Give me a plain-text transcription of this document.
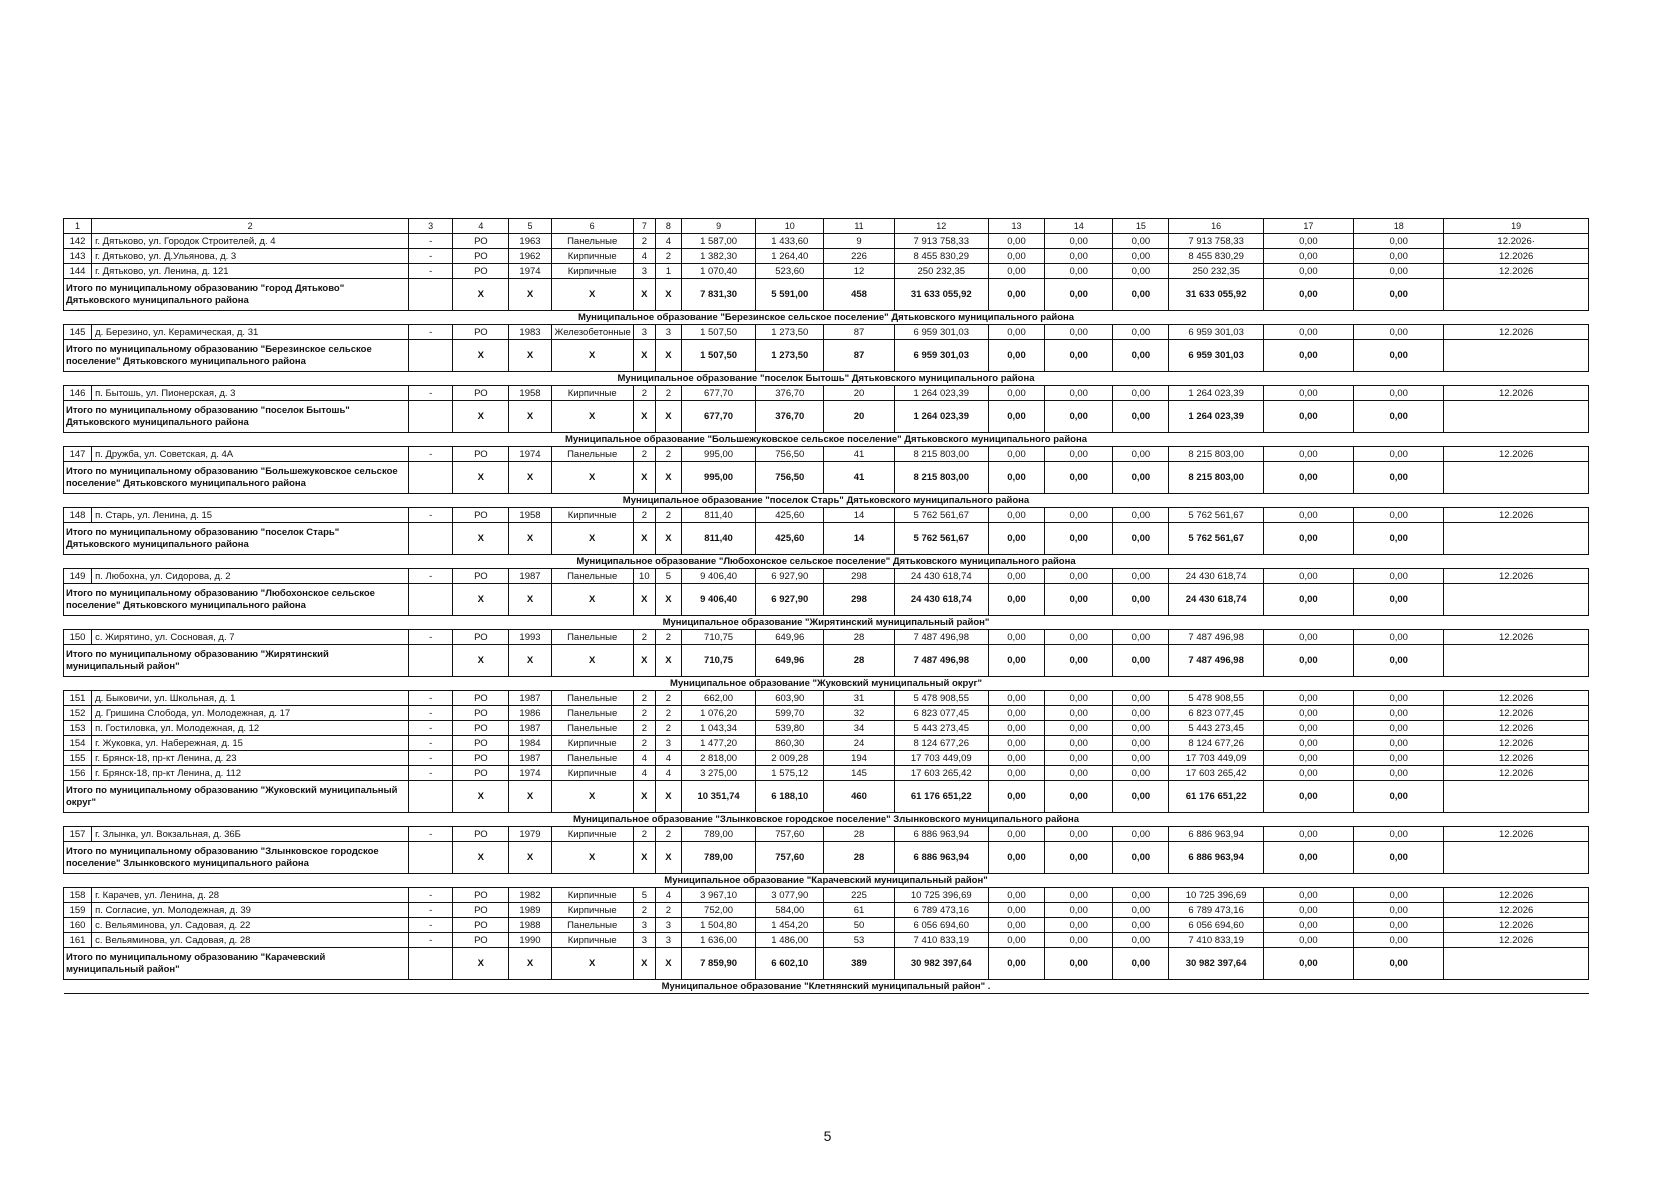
1	2	3	4	5	6	7	8	9	10	11	12	13	14	15	16	17	18	19
142	г. Дятьково, ул. Городок Строителей, д. 4	-	РО	1963	Панельные	2	4	1 587,00	1 433,60	9	7 913 758,33	0,00	0,00	0,00	7 913 758,33	0,00	0,00	12.2026·
143	г. Дятьково, ул. Д.Ульянова, д. 3	-	РО	1962	Кирпичные	4	2	1 382,30	1 264,40	226	8 455 830,29	0,00	0,00	0,00	8 455 830,29	0,00	0,00	12.2026
144	г. Дятьково, ул. Ленина, д. 121	-	РО	1974	Кирпичные	3	1	1 070,40	523,60	12	250 232,35	0,00	0,00	0,00	250 232,35	0,00	0,00	12.2026
Итого по муниципальному образованию "город Дятьково" Дятьковского муниципального района			X	X	X	X	X	7 831,30	5 591,00	458	31 633 055,92	0,00	0,00	0,00	31 633 055,92	0,00	0,00	
Муниципальное образование "Березинское сельское поселение" Дятьковского муниципального района																		
145	д. Березино, ул. Керамическая, д. 31	-	РО	1983	Железобетонные	3	3	1 507,50	1 273,50	87	6 959 301,03	0,00	0,00	0,00	6 959 301,03	0,00	0,00	12.2026
Итого по муниципальному образованию "Березинское сельское поселение" Дятьковского муниципального района			X	X	X	X	X	1 507,50	1 273,50	87	6 959 301,03	0,00	0,00	0,00	6 959 301,03	0,00	0,00	
Муниципальное образование "поселок Бытошь" Дятьковского муниципального района																		
146	п. Бытошь, ул. Пионерская, д. 3	-	РО	1958	Кирпичные	2	2	677,70	376,70	20	1 264 023,39	0,00	0,00	0,00	1 264 023,39	0,00	0,00	12.2026
Итого по муниципальному образованию "поселок Бытошь" Дятьковского муниципального района			X	X	X	X	X	677,70	376,70	20	1 264 023,39	0,00	0,00	0,00	1 264 023,39	0,00	0,00	
Муниципальное образование "Большежуковское сельское поселение" Дятьковского муниципального района																		
147	п. Дружба, ул. Советская, д. 4А	-	РО	1974	Панельные	2	2	995,00	756,50	41	8 215 803,00	0,00	0,00	0,00	8 215 803,00	0,00	0,00	12.2026
Итого по муниципальному образованию "Большежуковское сельское поселение" Дятьковского муниципального района			X	X	X	X	X	995,00	756,50	41	8 215 803,00	0,00	0,00	0,00	8 215 803,00	0,00	0,00	
Муниципальное образование "поселок Старь" Дятьковского муниципального района																		
148	п. Старь, ул. Ленина, д. 15	-	РО	1958	Кирпичные	2	2	811,40	425,60	14	5 762 561,67	0,00	0,00	0,00	5 762 561,67	0,00	0,00	12.2026
Итого по муниципальному образованию "поселок Старь" Дятьковского муниципального района			X	X	X	X	X	811,40	425,60	14	5 762 561,67	0,00	0,00	0,00	5 762 561,67	0,00	0,00	
Муниципальное образование "Любохонское сельское поселение" Дятьковского муниципального района																		
149	п. Любохна, ул. Сидорова, д. 2	-	РО	1987	Панельные	10	5	9 406,40	6 927,90	298	24 430 618,74	0,00	0,00	0,00	24 430 618,74	0,00	0,00	12.2026
Итого по муниципальному образованию "Любохонское сельское поселение" Дятьковского муниципального района			X	X	X	X	X	9 406,40	6 927,90	298	24 430 618,74	0,00	0,00	0,00	24 430 618,74	0,00	0,00	
Муниципальное образование "Жирятинский муниципальный район"																		
150	с. Жирятино, ул. Сосновая, д. 7	-	РО	1993	Панельные	2	2	710,75	649,96	28	7 487 496,98	0,00	0,00	0,00	7 487 496,98	0,00	0,00	12.2026
Итого по муниципальному образованию "Жирятинский муниципальный район"			X	X	X	X	X	710,75	649,96	28	7 487 496,98	0,00	0,00	0,00	7 487 496,98	0,00	0,00	
Муниципальное образование "Жуковский муниципальный округ"																		
151	д. Быковичи, ул. Школьная, д. 1	-	РО	1987	Панельные	2	2	662,00	603,90	31	5 478 908,55	0,00	0,00	0,00	5 478 908,55	0,00	0,00	12.2026
152	д. Гришина Слобода, ул. Молодежная, д. 17	-	РО	1986	Панельные	2	2	1 076,20	599,70	32	6 823 077,45	0,00	0,00	0,00	6 823 077,45	0,00	0,00	12.2026
153	п. Гостиловка, ул. Молодежная, д. 12	-	РО	1987	Панельные	2	2	1 043,34	539,80	34	5 443 273,45	0,00	0,00	0,00	5 443 273,45	0,00	0,00	12.2026
154	г. Жуковка, ул. Набережная, д. 15	-	РО	1984	Кирпичные	2	3	1 477,20	860,30	24	8 124 677,26	0,00	0,00	0,00	8 124 677,26	0,00	0,00	12.2026
155	г. Брянск-18, пр-кт Ленина, д. 23	-	РО	1987	Панельные	4	4	2 818,00	2 009,28	194	17 703 449,09	0,00	0,00	0,00	17 703 449,09	0,00	0,00	12.2026
156	г. Брянск-18, пр-кт Ленина, д. 112	-	РО	1974	Кирпичные	4	4	3 275,00	1 575,12	145	17 603 265,42	0,00	0,00	0,00	17 603 265,42	0,00	0,00	12.2026
Итого по муниципальному образованию "Жуковский муниципальный округ"			X	X	X	X	X	10 351,74	6 188,10	460	61 176 651,22	0,00	0,00	0,00	61 176 651,22	0,00	0,00	
Муниципальное образование "Злынковское городское поселение" Злынковского муниципального района																		
157	г. Злынка, ул. Вокзальная, д. 36Б	-	РО	1979	Кирпичные	2	2	789,00	757,60	28	6 886 963,94	0,00	0,00	0,00	6 886 963,94	0,00	0,00	12.2026
Итого по муниципальному образованию "Злынковское городское поселение" Злынковского муниципального района			X	X	X	X	X	789,00	757,60	28	6 886 963,94	0,00	0,00	0,00	6 886 963,94	0,00	0,00	
Муниципальное образование "Карачевский муниципальный район"																		
158	г. Карачев, ул. Ленина, д. 28	-	РО	1982	Кирпичные	5	4	3 967,10	3 077,90	225	10 725 396,69	0,00	0,00	0,00	10 725 396,69	0,00	0,00	12.2026
159	п. Согласие, ул. Молодежная, д. 39	-	РО	1989	Кирпичные	2	2	752,00	584,00	61	6 789 473,16	0,00	0,00	0,00	6 789 473,16	0,00	0,00	12.2026
160	с. Вельяминова, ул. Садовая, д. 22	-	РО	1988	Панельные	3	3	1 504,80	1 454,20	50	6 056 694,60	0,00	0,00	0,00	6 056 694,60	0,00	0,00	12.2026
161	с. Вельяминова, ул. Садовая, д. 28	-	РО	1990	Кирпичные	3	3	1 636,00	1 486,00	53	7 410 833,19	0,00	0,00	0,00	7 410 833,19	0,00	0,00	12.2026
Итого по муниципальному образованию "Карачевский муниципальный район"			X	X	X	X	X	7 859,90	6 602,10	389	30 982 397,64	0,00	0,00	0,00	30 982 397,64	0,00	0,00	
Муниципальное образование "Клетнянский муниципальный район" .																		
5
